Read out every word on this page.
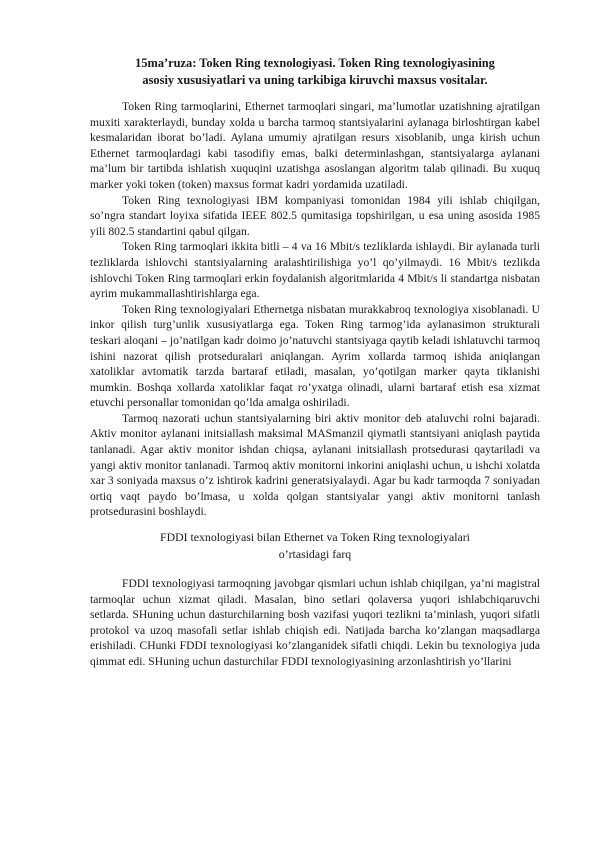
15ma’ruza: Token Ring texnologiyasi. Token Ring texnologiyasining
asosiy xususiyatlari va uning tarkibiga kiruvchi maxsus vositalar.

Token Ring tarmoqlarini, Ethernet tarmoqlari singari, ma’lumotlar uzatishning ajratilgan muxiti xarakterlaydi, bunday xolda u barcha tarmoq stantsiyalarini aylanaga birloshtirgan kabel kesmalaridan iborat bo’ladi. Aylana umumiy ajratilgan resurs xisoblanib, unga kirish uchun Ethernet tarmoqlardagi kabi tasodifiy emas, balki determinlashgan, stantsiyalarga aylanani ma’lum bir tartibda ishlatish xuquqini uzatishga asoslangan algoritm talab qilinadi. Bu xuquq marker yoki token (token) maxsus format kadri yordamida uzatiladi.

Token Ring texnologiyasi IBM kompaniyasi tomonidan 1984 yili ishlab chiqilgan, so’ngra standart loyixa sifatida IEEE 802.5 qumitasiga topshirilgan, u esa uning asosida 1985 yili 802.5 standartini qabul qilgan.

Token Ring tarmoqlari ikkita bitli – 4 va 16 Mbit/s tezliklarda ishlaydi. Bir aylanada turli tezliklarda ishlovchi stantsiyalarning aralashtirilishiga yo’l qo’yilmaydi. 16 Mbit/s tezlikda ishlovchi Token Ring tarmoqlari erkin foydalanish algoritmlarida 4 Mbit/s li standartga nisbatan ayrim mukammallashtirishlarga ega.

Token Ring texnologiyalari Ethernetga nisbatan murakkabroq texnologiya xisoblanadi. U inkor qilish turg’unlik xususiyatlarga ega. Token Ring tarmog’ida aylanasimon strukturali teskari aloqani – jo’natilgan kadr doimo jo’natuvchi stantsiyaga qaytib keladi ishlatuvchi tarmoq ishini nazorat qilish protseduralari aniqlangan. Ayrim xollarda tarmoq ishida aniqlangan xatoliklar avtomatik tarzda bartaraf etiladi, masalan, yo’qotilgan marker qayta tiklanishi mumkin. Boshqa xollarda xatoliklar faqat ro’yxatga olinadi, ularni bartaraf etish esa xizmat etuvchi personallar tomonidan qo’lda amalga oshiriladi.

Tarmoq nazorati uchun stantsiyalarning biri aktiv monitor deb ataluvchi rolni bajaradi. Aktiv monitor aylanani initsiallash maksimal MASmanzil qiymatli stantsiyani aniqlash paytida tanlanadi. Agar aktiv monitor ishdan chiqsa, aylanani initsiallash protsedurasi qaytariladi va yangi aktiv monitor tanlanadi. Tarmoq aktiv monitorni inkorini aniqlashi uchun, u ishchi xolatda xar 3 soniyada maxsus o’z ishtirok kadrini generatsiyalaydi. Agar bu kadr tarmoqda 7 soniyadan ortiq vaqt paydo bo’lmasa, u xolda qolgan stantsiyalar yangi aktiv monitorni tanlash protsedurasini boshlaydi.

FDDI texnologiyasi bilan Ethernet va Token Ring texnologiyalari
o’rtasidagi farq

FDDI texnologiyasi tarmoqning javobgar qismlari uchun ishlab chiqilgan, ya’ni magistral tarmoqlar uchun xizmat qiladi. Masalan, bino setlari qolaversa yuqori ishlabchiqaruvchi setlarda. SHuning uchun dasturchilarning bosh vazifasi yuqori tezlikni ta’minlash, yuqori sifatli protokol va uzoq masofali setlar ishlab chiqish edi. Natijada barcha ko’zlangan maqsadlarga erishiladi. CHunki FDDI texnologiyasi ko’zlanganidek sifatli chiqdi. Lekin bu texnologiya juda qimmat edi. SHuning uchun dasturchilar FDDI texnologiyasining arzonlashtirish yo’llarini
